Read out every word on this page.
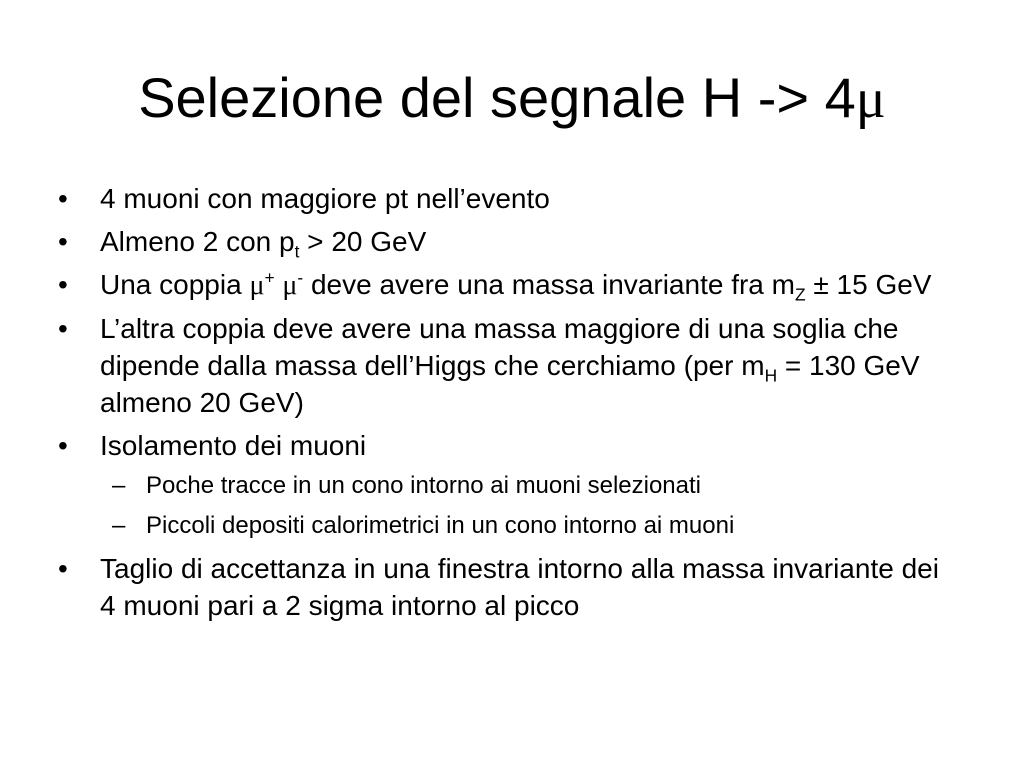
Selezione del segnale H -> 4μ
•	4 muoni con maggiore pt nell’evento
•	Almeno 2 con $p_t > 20$ GeV
•	Una coppia μ+ μ- deve avere una massa invariante fra $m_Z \pm 15$ GeV
•	L’altra coppia deve avere una massa maggiore di una soglia che dipende dalla massa dell’Higgs che cerchiamo (per $m_H = 130$ GeV almeno 20 GeV)
•	Isolamento dei muoni
– Poche tracce in un cono intorno ai muoni selezionati
– Piccoli depositi calorimetrici in un cono intorno ai muoni
•	Taglio di accettanza in una finestra intorno alla massa invariante dei 4 muoni pari a 2 sigma intorno al picco
